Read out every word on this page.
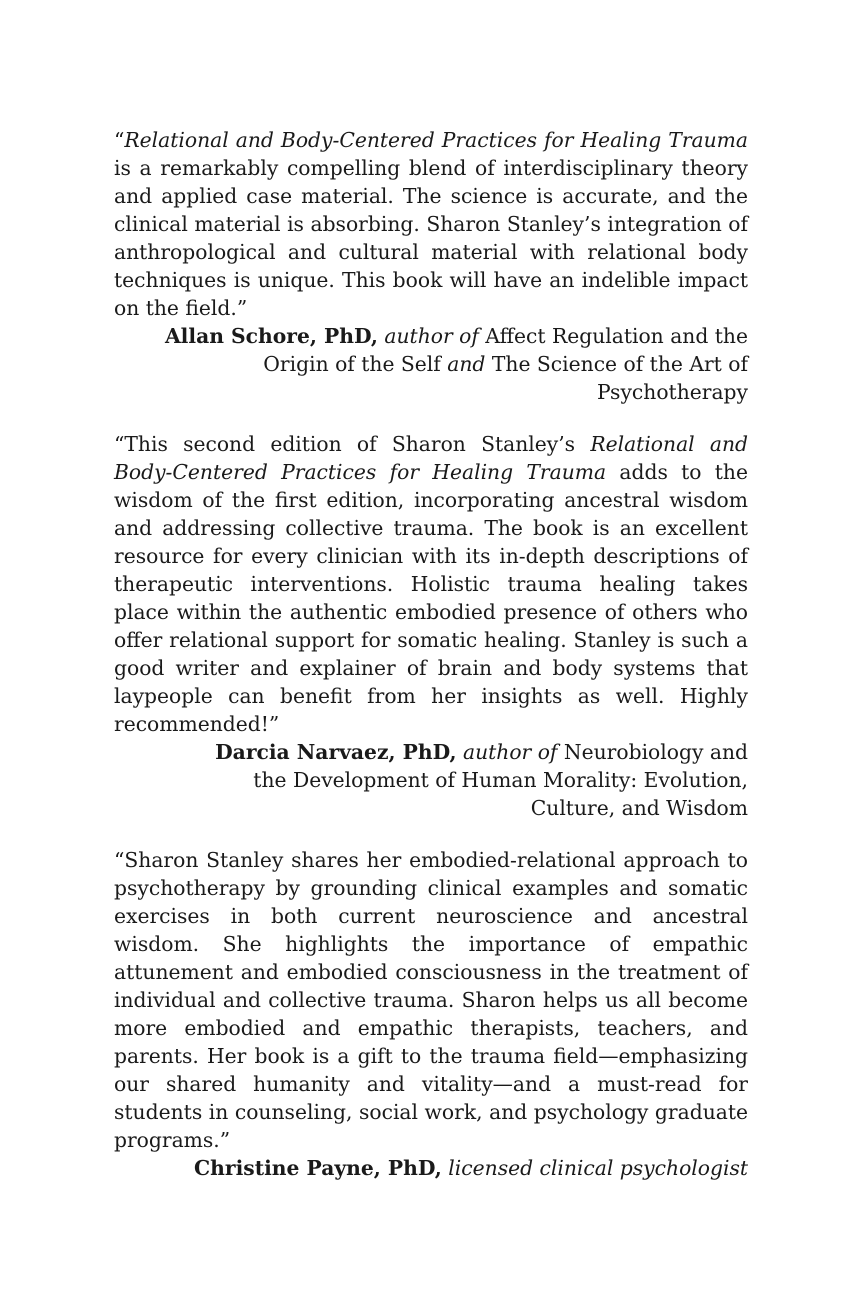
“Relational and Body-Centered Practices for Healing Trauma is a remarkably compelling blend of interdisciplinary theory and applied case material. The science is accurate, and the clinical material is absorbing. Sharon Stanley’s integration of anthropological and cultural material with relational body techniques is unique. This book will have an indelible impact on the field.”

Allan Schore, PhD, author of Affect Regulation and the Origin of the Self and The Science of the Art of Psychotherapy

“This second edition of Sharon Stanley’s Relational and Body-Centered Practices for Healing Trauma adds to the wisdom of the first edition, incorporating ancestral wisdom and addressing collective trauma. The book is an excellent resource for every clinician with its in-depth descriptions of therapeutic interventions. Holistic trauma healing takes place within the authentic embodied presence of others who offer relational support for somatic healing. Stanley is such a good writer and explainer of brain and body systems that laypeople can benefit from her insights as well. Highly recommended!”

Darcia Narvaez, PhD, author of Neurobiology and
the Development of Human Morality: Evolution,
Culture, and Wisdom

“Sharon Stanley shares her embodied-relational approach to psychotherapy by grounding clinical examples and somatic exercises in both current neuroscience and ancestral wisdom. She highlights the importance of empathic attunement and embodied consciousness in the treatment of individual and collective trauma. Sharon helps us all become more embodied and empathic therapists, teachers, and parents. Her book is a gift to the trauma field—emphasizing our shared humanity and vitality—and a must-read for students in counseling, social work, and psychology graduate programs.”

Christine Payne, PhD, licensed clinical psychologist
